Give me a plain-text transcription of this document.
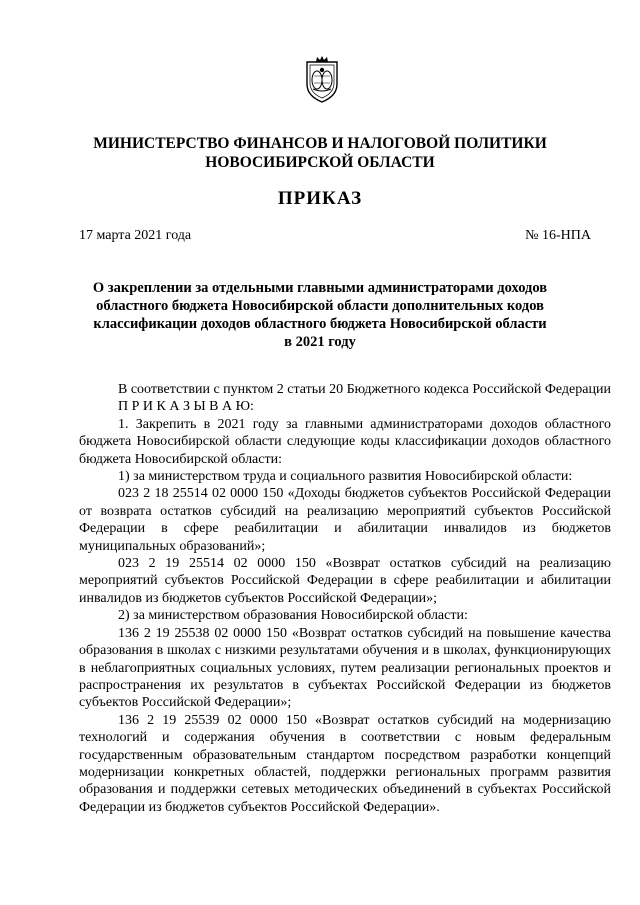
МИНИСТЕРСТВО ФИНАНСОВ И НАЛОГОВОЙ ПОЛИТИКИ
НОВОСИБИРСКОЙ ОБЛАСТИ
ПРИКАЗ
17 марта 2021 года	№ 16-НПА
О закреплении за отдельными главными администраторами доходов
областного бюджета Новосибирской области дополнительных кодов
классификации доходов областного бюджета Новосибирской области
в 2021 году

В соответствии с пунктом 2 статьи 20 Бюджетного кодекса Российской Федерации

П Р И К А З Ы В А Ю:

1. Закрепить в 2021 году за главными администраторами доходов областного бюджета Новосибирской области следующие коды классификации доходов областного бюджета Новосибирской области:

1) за министерством труда и социального развития Новосибирской области:

023 2 18 25514 02 0000 150 «Доходы бюджетов субъектов Российской Федерации от возврата остатков субсидий на реализацию мероприятий субъектов Российской Федерации в сфере реабилитации и абилитации инвалидов из бюджетов муниципальных образований»;

023 2 19 25514 02 0000 150 «Возврат остатков субсидий на реализацию мероприятий субъектов Российской Федерации в сфере реабилитации и абилитации инвалидов из бюджетов субъектов Российской Федерации»;

2) за министерством образования Новосибирской области:

136 2 19 25538 02 0000 150 «Возврат остатков субсидий на повышение качества образования в школах с низкими результатами обучения и в школах, функционирующих в неблагоприятных социальных условиях, путем реализации региональных проектов и распространения их результатов в субъектах Российской Федерации из бюджетов субъектов Российской Федерации»;

136 2 19 25539 02 0000 150 «Возврат остатков субсидий на модернизацию технологий и содержания обучения в соответствии с новым федеральным государственным образовательным стандартом посредством разработки концепций модернизации конкретных областей, поддержки региональных программ развития образования и поддержки сетевых методических объединений в субъектах Российской Федерации из бюджетов субъектов Российской Федерации».
